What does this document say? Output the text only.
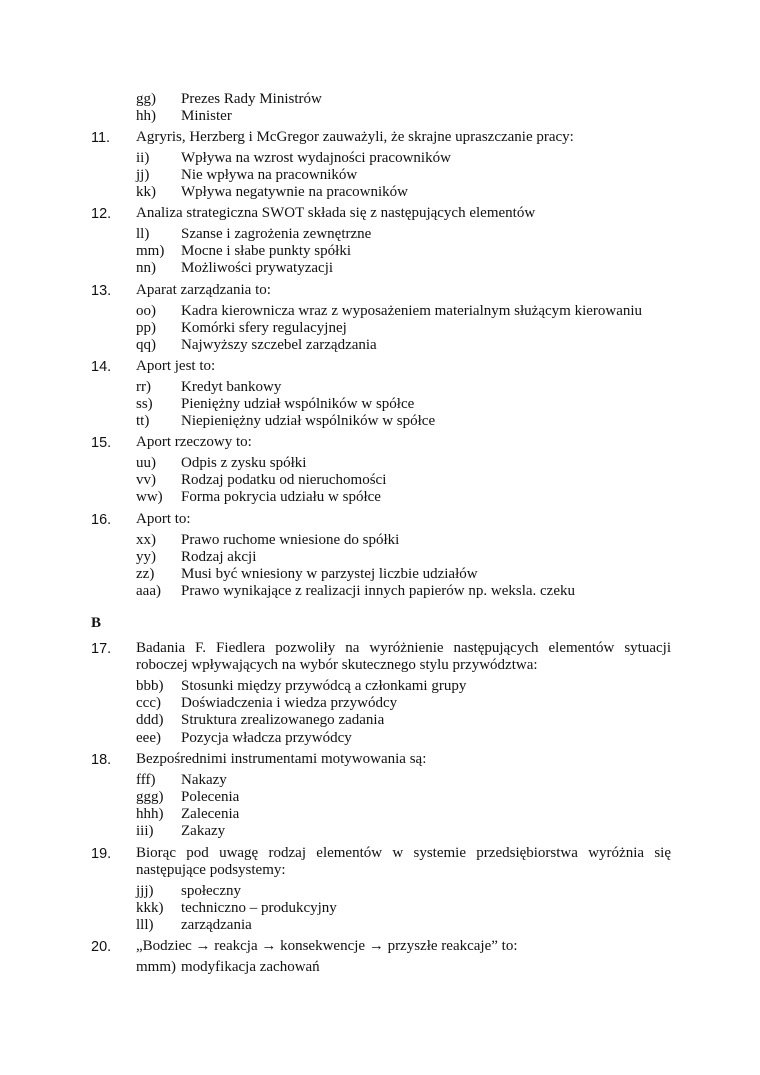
gg) Prezes Rady Ministrów
hh) Minister
11. Agryris, Herzberg i McGregor zauważyli, że skrajne upraszczanie pracy:
ii) Wpływa na wzrost wydajności pracowników
jj) Nie wpływa na pracowników
kk) Wpływa negatywnie na pracowników
12. Analiza strategiczna SWOT składa się z następujących elementów
ll) Szanse i zagrożenia zewnętrzne
mm) Mocne i słabe punkty spółki
nn) Możliwości prywatyzacji
13. Aparat zarządzania to:
oo) Kadra kierownicza wraz z wyposażeniem materialnym służącym kierowaniu
pp) Komórki sfery regulacyjnej
qq) Najwyższy szczebel zarządzania
14. Aport jest to:
rr) Kredyt bankowy
ss) Pieniężny udział wspólników w spółce
tt) Niepieniężny udział wspólników w spółce
15. Aport rzeczowy to:
uu) Odpis z zysku spółki
vv) Rodzaj podatku od nieruchomości
ww) Forma pokrycia udziału w spółce
16. Aport to:
xx) Prawo ruchome wniesione do spółki
yy) Rodzaj akcji
zz) Musi być wniesiony w parzystej liczbie udziałów
aaa) Prawo wynikające z realizacji innych papierów np. weksla. czeku
B
17. Badania F. Fiedlera pozwoliły na wyróżnienie następujących elementów sytuacji roboczej wpływających na wybór skutecznego stylu przywództwa:
bbb) Stosunki między przywódcą a członkami grupy
ccc) Doświadczenia i wiedza przywódcy
ddd) Struktura zrealizowanego zadania
eee) Pozycja władcza przywódcy
18. Bezpośrednimi instrumentami motywowania są:
fff) Nakazy
ggg) Polecenia
hhh) Zalecenia
iii) Zakazy
19. Biorąc pod uwagę rodzaj elementów w systemie przedsiębiorstwa wyróżnia się następujące podsystemy:
jjj) społeczny
kkk) techniczno – produkcyjny
lll) zarządzania
20. „Bodziec → reakcja → konsekwencje → przyszłe reakcaje” to:
mmm) modyfikacja zachowań
